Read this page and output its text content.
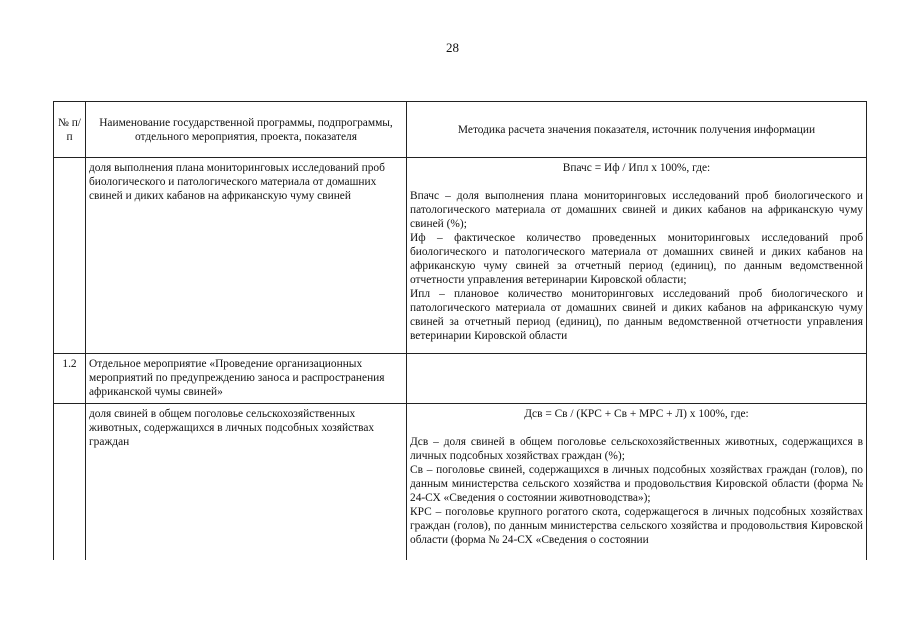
28
№ п/п	Наименование государственной программы, подпрограммы, отдельного мероприятия, проекта, показателя	Методика расчета значения показателя, источник получения информации
	доля выполнения плана мониторинговых исследований проб биологического и патологического материала от домашних свиней и диких кабанов на африканскую чуму свиней	Впачс = Иф / Ипл x 100%, где:

Впачс – доля выполнения плана мониторинговых исследований проб биологического и патологического материала от домашних свиней и диких кабанов на африканскую чуму свиней (%);

Иф – фактическое количество проведенных мониторинговых исследований проб биологического и патологического материала от домашних свиней и диких кабанов на африканскую чуму свиней за отчетный период (единиц), по данным ведомственной отчетности управления ветеринарии Кировской области;

Ипл – плановое количество мониторинговых исследований проб биологического и патологического материала от домашних свиней и диких кабанов на африканскую чуму свиней за отчетный период (единиц), по данным ведомственной отчетности управления ветеринарии Кировской области

1.2	Отдельное мероприятие «Проведение организационных мероприятий по предупреждению заноса и распространения африканской чумы свиней»	
	доля свиней в общем поголовье сельскохозяйственных животных, содержащихся в личных подсобных хозяйствах граждан	Дсв = Св / (КРС + Св + МРС + Л) x 100%, где:

Дсв – доля свиней в общем поголовье сельскохозяйственных животных, содержащихся в личных подсобных хозяйствах граждан (%);

Св – поголовье свиней, содержащихся в личных подсобных хозяйствах граждан (голов), по данным министерства сельского хозяйства и продовольствия Кировской области (форма № 24-СХ «Сведения о состоянии животноводства»);

КРС – поголовье крупного рогатого скота, содержащегося в личных подсобных хозяйствах граждан (голов), по данным министерства сельского хозяйства и продовольствия Кировской области (форма № 24-СХ «Сведения о состоянии
